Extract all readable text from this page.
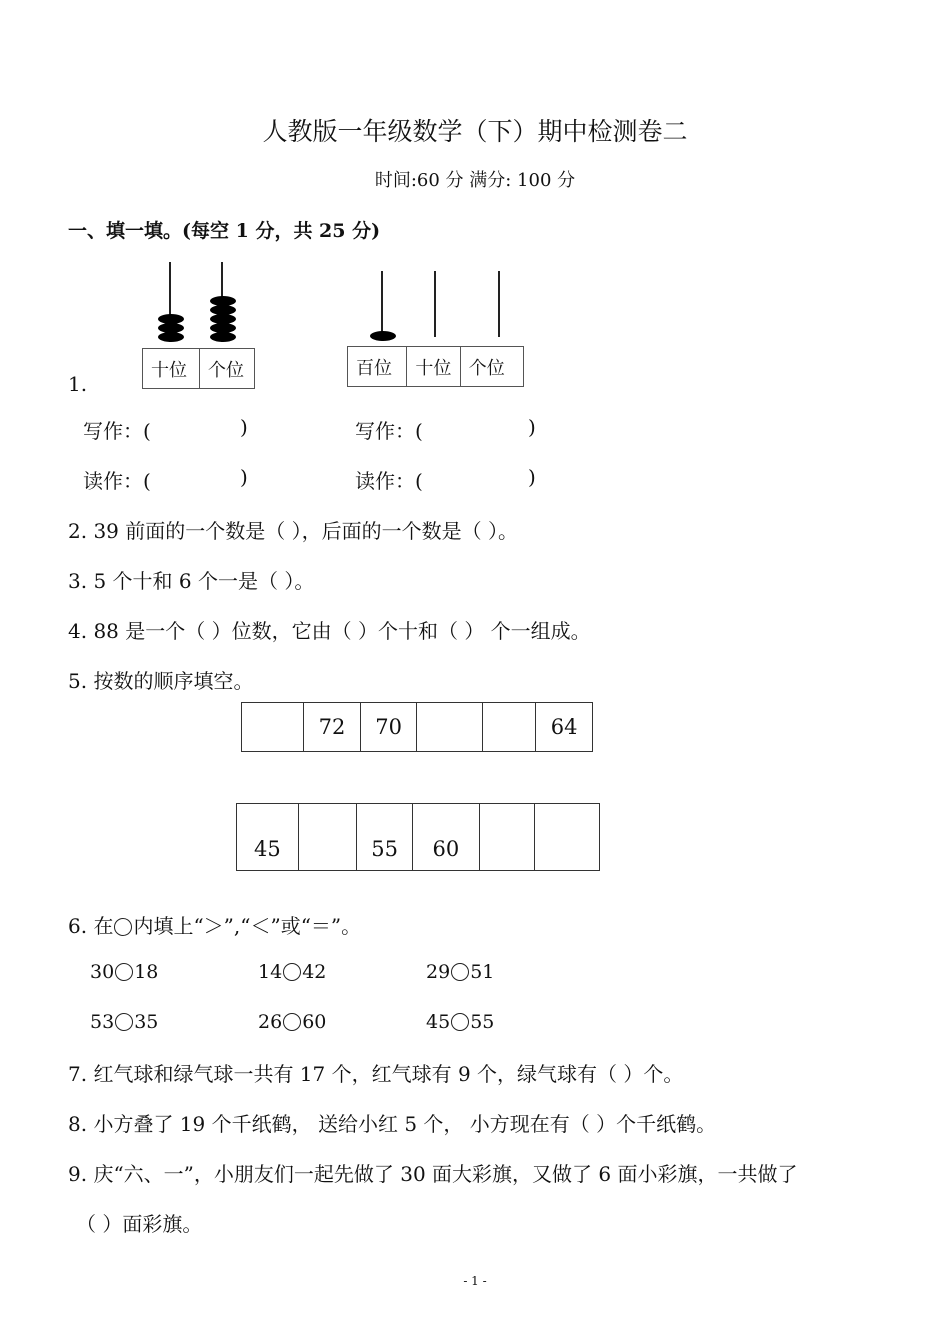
人教版一年级数学（下）期中检测卷二
时间:60 分 满分: 100 分
一、填一填。(每空 1 分，共 25 分)
十位	个位	百位	十位 个位
1.
写作：(	)	写作：(	)
读作：(	)	读作：(	)
2. 39 前面的一个数是（ ），后面的一个数是（ ）。
3. 5 个十和 6 个一是（ ）。
4. 88 是一个（ ）位数，它由（ ）个十和（ ） 个一组成。
5. 按数的顺序填空。
72	70	64
45	55	60
6. 在 内填上“＞”,“＜”或“＝”。
30 18	14 42	29 51
53 35	26 60	45 55
7. 红气球和绿气球一共有 17 个，红气球有 9 个，绿气球有（ ）个。
8. 小方叠了 19 个千纸鹤， 送给小红 5 个， 小方现在有（ ）个千纸鹤。
9. 庆“六、一”，小朋友们一起先做了 30 面大彩旗，又做了 6 面小彩旗，一共做了
（ ）面彩旗。
- 1 -
